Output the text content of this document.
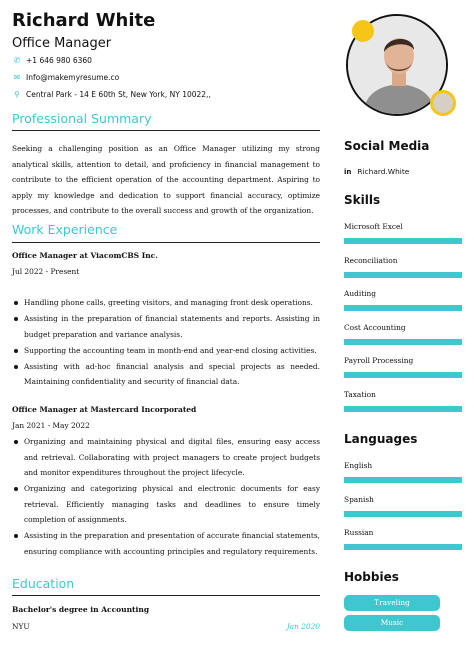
Richard White
Office Manager
✆ +1 646 980 6360
✉ Info@makemyresume.co
⚲ Central Park - 14 E 60th St, New York, NY 10022,,
Professional Summary
Seeking a challenging position as an Office Manager utilizing my strong analytical skills, attention to detail, and proficiency in financial management to contribute to the efficient operation of the accounting department. Aspiring to apply my knowledge and dedication to support financial accuracy, optimize processes, and contribute to the overall success and growth of the organization.
Work Experience
Office Manager at ViacomCBS Inc.
Jul 2022 - Present
Handling phone calls, greeting visitors, and managing front desk operations.
Assisting in the preparation of financial statements and reports. Assisting in budget preparation and variance analysis.
Supporting the accounting team in month-end and year-end closing activities.
Assisting with ad-hoc financial analysis and special projects as needed. Maintaining confidentiality and security of financial data.
Office Manager at Mastercard Incorporated
Jan 2021 - May 2022
Organizing and maintaining physical and digital files, ensuring easy access and retrieval. Collaborating with project managers to create project budgets and monitor expenditures throughout the project lifecycle.
Organizing and categorizing physical and electronic documents for easy retrieval. Efficiently managing tasks and deadlines to ensure timely completion of assignments.
Assisting in the preparation and presentation of accurate financial statements, ensuring compliance with accounting principles and regulatory requirements.
Education
Bachelor's degree in Accounting
NYU	Jan 2020
Social Media
in Richard.White
Skills
Microsoft Excel
Reconciliation
Auditing
Cost Accounting
Payroll Processing
Taxation
Languages
English
Spanish
Russian
Hobbies
Traveling
Music
